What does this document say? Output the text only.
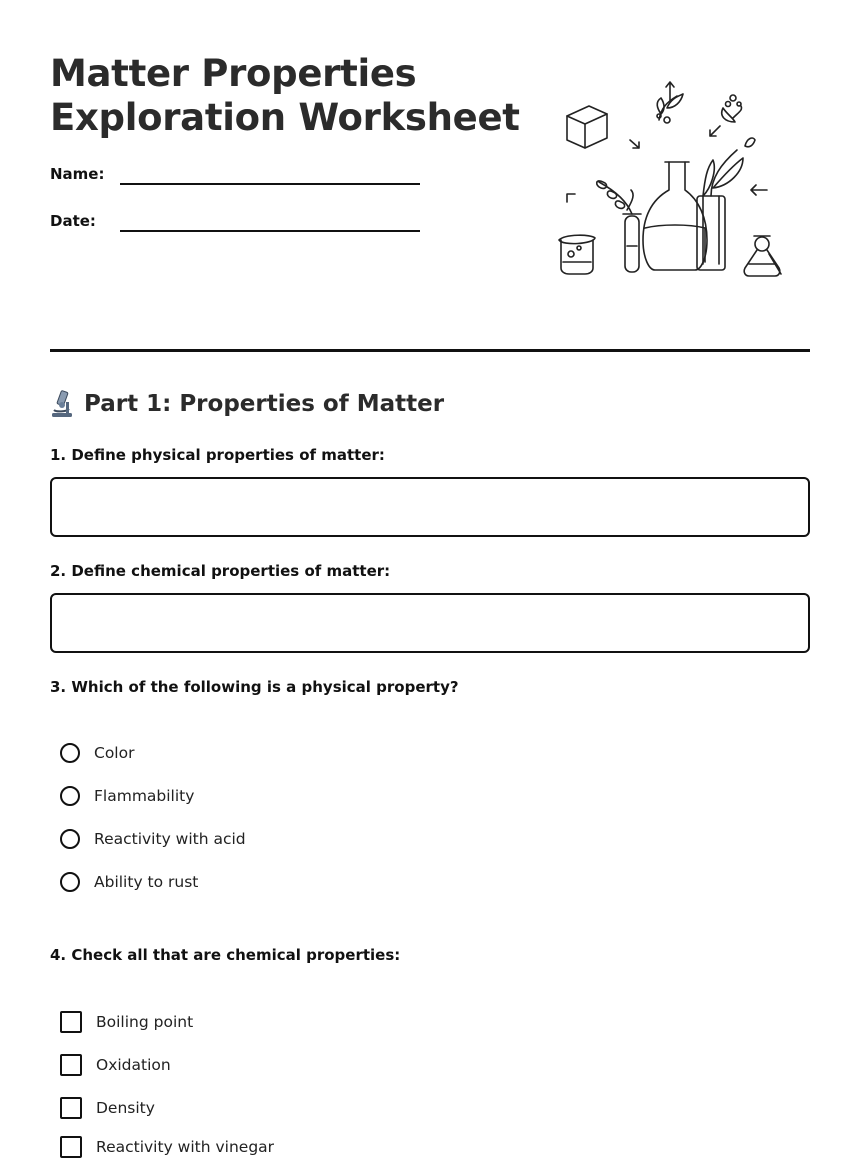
Matter Properties
Exploration Worksheet
Name:
Date:
Part 1: Properties of Matter
1. Define physical properties of matter:
2. Define chemical properties of matter:
3. Which of the following is a physical property?
Color
Flammability
Reactivity with acid
Ability to rust
4. Check all that are chemical properties:
Boiling point
Oxidation
Density
Reactivity with vinegar
